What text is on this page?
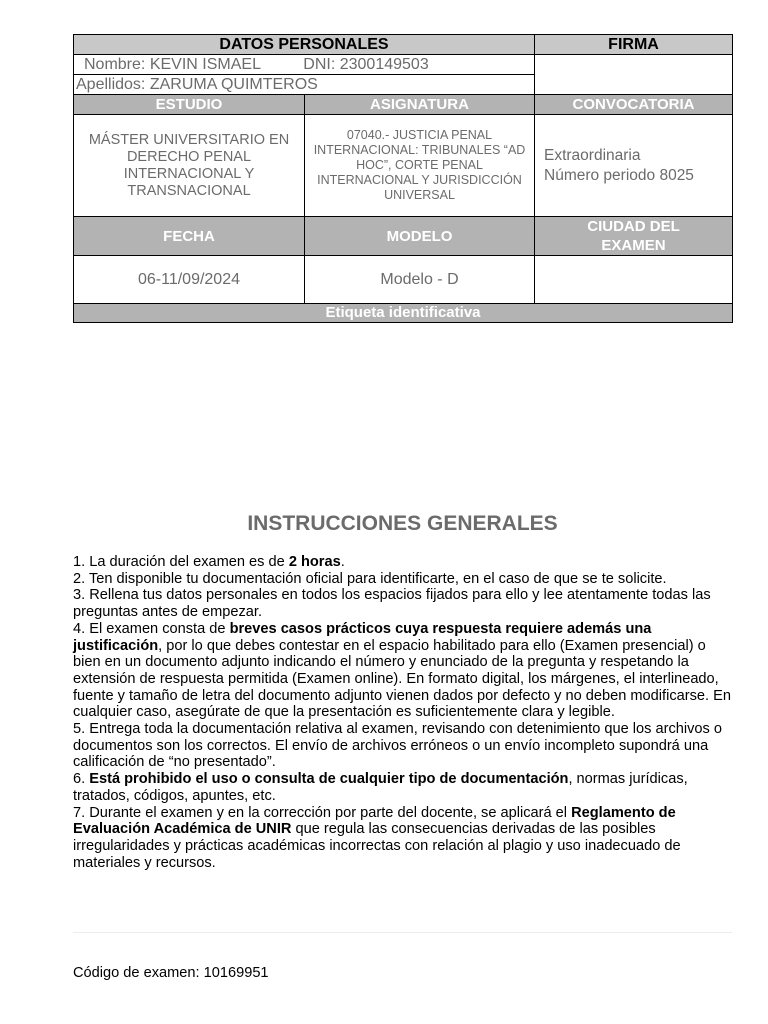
DATOS PERSONALES		FIRMA
Nombre: KEVIN ISMAEL DNI: 2300149503		
Apellidos: ZARUMA QUIMTEROS		
ESTUDIO	ASIGNATURA	CONVOCATORIA
MÁSTER UNIVERSITARIO EN DERECHO PENAL INTERNACIONAL Y TRANSNACIONAL	07040.- JUSTICIA PENAL INTERNACIONAL: TRIBUNALES “AD HOC”, CORTE PENAL INTERNACIONAL Y JURISDICCIÓN UNIVERSAL	Extraordinaria
Número periodo 8025

FECHA	MODELO	CIUDAD DEL EXAMEN

06-11/09/2024	Modelo - D	
Etiqueta identificativa		
INSTRUCCIONES GENERALES

1. La duración del examen es de 2 horas.

2. Ten disponible tu documentación oficial para identificarte, en el caso de que se te solicite.

3. Rellena tus datos personales en todos los espacios fijados para ello y lee atentamente todas las preguntas antes de empezar.

4. El examen consta de breves casos prácticos cuya respuesta requiere además una justificación, por lo que debes contestar en el espacio habilitado para ello (Examen presencial) o bien en un documento adjunto indicando el número y enunciado de la pregunta y respetando la extensión de respuesta permitida (Examen online). En formato digital, los márgenes, el interlineado, fuente y tamaño de letra del documento adjunto vienen dados por defecto y no deben modificarse. En cualquier caso, asegúrate de que la presentación es suficientemente clara y legible.

5. Entrega toda la documentación relativa al examen, revisando con detenimiento que los archivos o documentos son los correctos. El envío de archivos erróneos o un envío incompleto supondrá una calificación de “no presentado”.

6. Está prohibido el uso o consulta de cualquier tipo de documentación, normas jurídicas, tratados, códigos, apuntes, etc.

7. Durante el examen y en la corrección por parte del docente, se aplicará el Reglamento de Evaluación Académica de UNIR que regula las consecuencias derivadas de las posibles irregularidades y prácticas académicas incorrectas con relación al plagio y uso inadecuado de materiales y recursos.

Código de examen: 10169951
